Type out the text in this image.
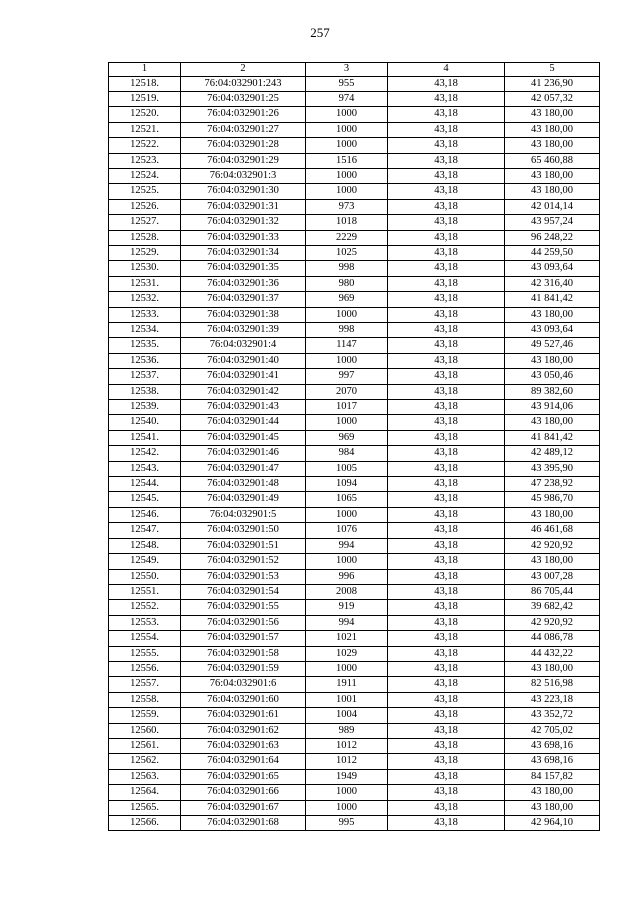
257
1	2	3	4	5
12518.	76:04:032901:243	955	43,18	41 236,90
12519.	76:04:032901:25	974	43,18	42 057,32
12520.	76:04:032901:26	1000	43,18	43 180,00
12521.	76:04:032901:27	1000	43,18	43 180,00
12522.	76:04:032901:28	1000	43,18	43 180,00
12523.	76:04:032901:29	1516	43,18	65 460,88
12524.	76:04:032901:3	1000	43,18	43 180,00
12525.	76:04:032901:30	1000	43,18	43 180,00
12526.	76:04:032901:31	973	43,18	42 014,14
12527.	76:04:032901:32	1018	43,18	43 957,24
12528.	76:04:032901:33	2229	43,18	96 248,22
12529.	76:04:032901:34	1025	43,18	44 259,50
12530.	76:04:032901:35	998	43,18	43 093,64
12531.	76:04:032901:36	980	43,18	42 316,40
12532.	76:04:032901:37	969	43,18	41 841,42
12533.	76:04:032901:38	1000	43,18	43 180,00
12534.	76:04:032901:39	998	43,18	43 093,64
12535.	76:04:032901:4	1147	43,18	49 527,46
12536.	76:04:032901:40	1000	43,18	43 180,00
12537.	76:04:032901:41	997	43,18	43 050,46
12538.	76:04:032901:42	2070	43,18	89 382,60
12539.	76:04:032901:43	1017	43,18	43 914,06
12540.	76:04:032901:44	1000	43,18	43 180,00
12541.	76:04:032901:45	969	43,18	41 841,42
12542.	76:04:032901:46	984	43,18	42 489,12
12543.	76:04:032901:47	1005	43,18	43 395,90
12544.	76:04:032901:48	1094	43,18	47 238,92
12545.	76:04:032901:49	1065	43,18	45 986,70
12546.	76:04:032901:5	1000	43,18	43 180,00
12547.	76:04:032901:50	1076	43,18	46 461,68
12548.	76:04:032901:51	994	43,18	42 920,92
12549.	76:04:032901:52	1000	43,18	43 180,00
12550.	76:04:032901:53	996	43,18	43 007,28
12551.	76:04:032901:54	2008	43,18	86 705,44
12552.	76:04:032901:55	919	43,18	39 682,42
12553.	76:04:032901:56	994	43,18	42 920,92
12554.	76:04:032901:57	1021	43,18	44 086,78
12555.	76:04:032901:58	1029	43,18	44 432,22
12556.	76:04:032901:59	1000	43,18	43 180,00
12557.	76:04:032901:6	1911	43,18	82 516,98
12558.	76:04:032901:60	1001	43,18	43 223,18
12559.	76:04:032901:61	1004	43,18	43 352,72
12560.	76:04:032901:62	989	43,18	42 705,02
12561.	76:04:032901:63	1012	43,18	43 698,16
12562.	76:04:032901:64	1012	43,18	43 698,16
12563.	76:04:032901:65	1949	43,18	84 157,82
12564.	76:04:032901:66	1000	43,18	43 180,00
12565.	76:04:032901:67	1000	43,18	43 180,00
12566.	76:04:032901:68	995	43,18	42 964,10
